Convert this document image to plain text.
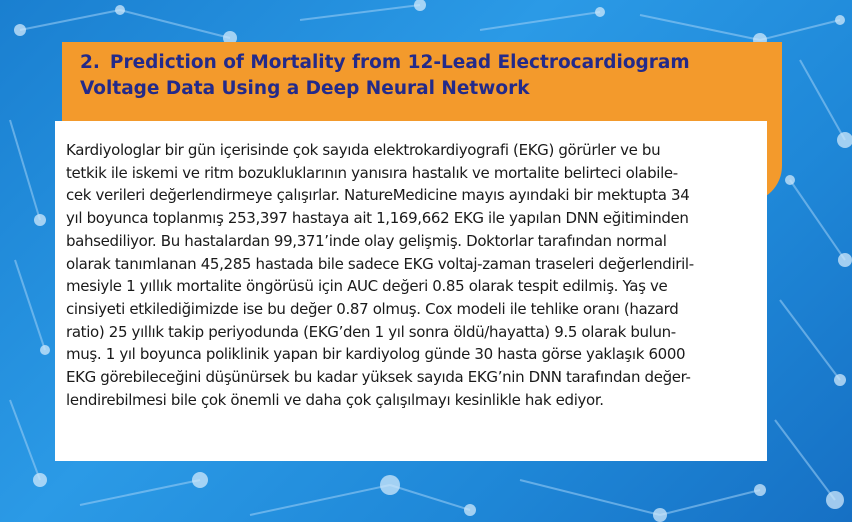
2. Prediction of Mortality from 12-Lead Electrocardiogram
Voltage Data Using a Deep Neural Network

Kardiyologlar bir gün içerisinde çok sayıda elektrokardiyografi (EKG) görürler ve bu
tetkik ile iskemi ve ritm bozukluklarının yanısıra hastalık ve mortalite belirteci olabile-
cek verileri değerlendirmeye çalışırlar. NatureMedicine mayıs ayındaki bir mektupta 34
yıl boyunca toplanmış 253,397 hastaya ait 1,169,662 EKG ile yapılan DNN eğitiminden
bahsediliyor. Bu hastalardan 99,371’inde olay gelişmiş. Doktorlar tarafından normal
olarak tanımlanan 45,285 hastada bile sadece EKG voltaj-zaman traseleri değerlendiril-
mesiyle 1 yıllık mortalite öngörüsü için AUC değeri 0.85 olarak tespit edilmiş. Yaş ve
cinsiyeti etkilediğimizde ise bu değer 0.87 olmuş. Cox modeli ile tehlike oranı (hazard
ratio) 25 yıllık takip periyodunda (EKG’den 1 yıl sonra öldü/hayatta) 9.5 olarak bulun-
muş. 1 yıl boyunca poliklinik yapan bir kardiyolog günde 30 hasta görse yaklaşık 6000
EKG görebileceğini düşünürsek bu kadar yüksek sayıda EKG’nin DNN tarafından değer-
lendirebilmesi bile çok önemli ve daha çok çalışılmayı kesinlikle hak ediyor.
